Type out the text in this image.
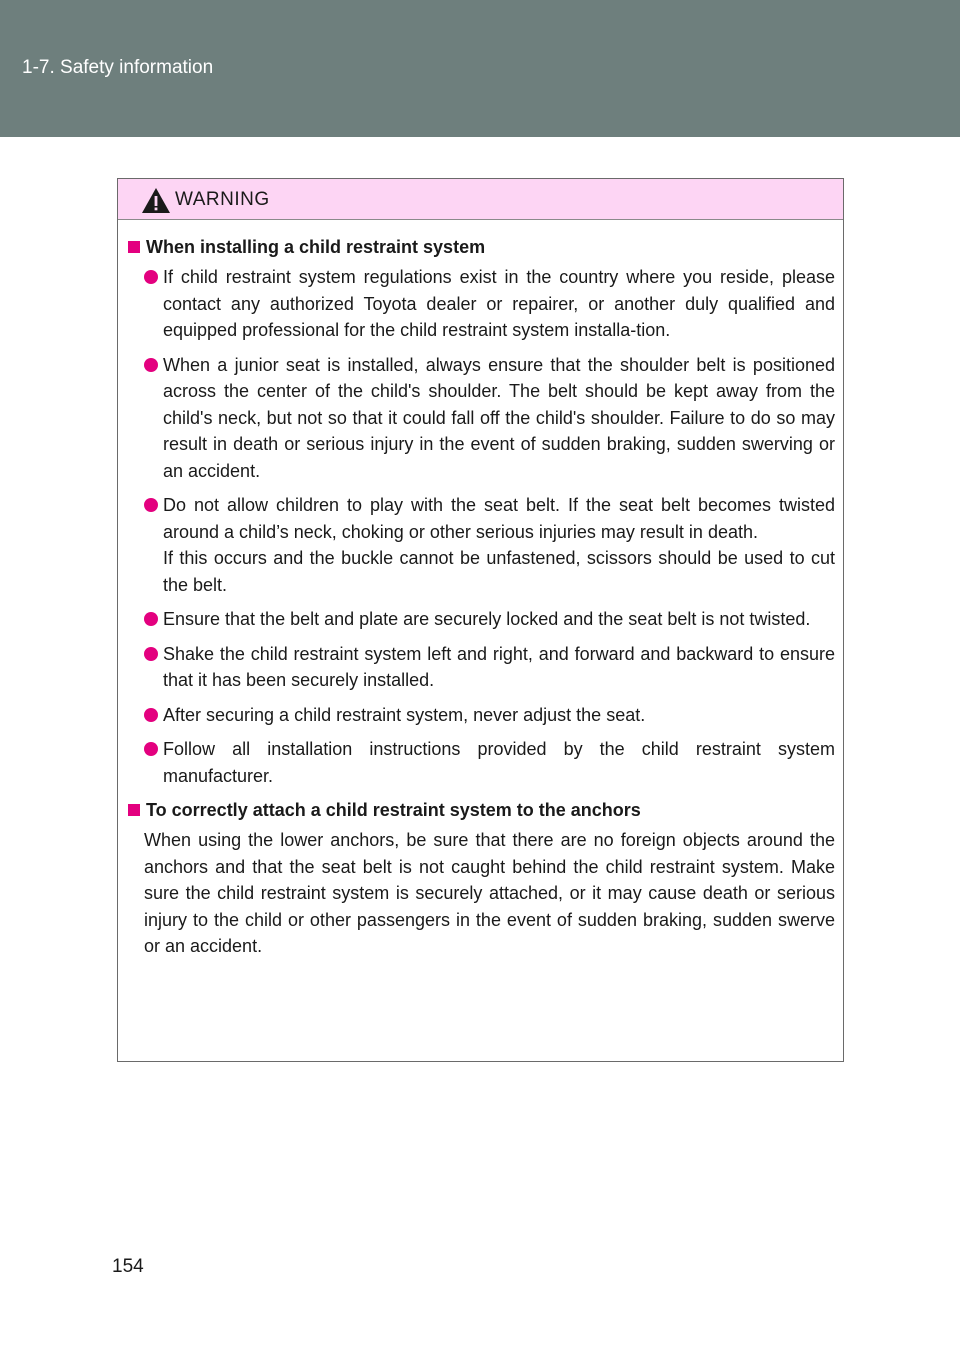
1-7. Safety information
WARNING
When installing a child restraint system
If child restraint system regulations exist in the country where you reside, please contact any authorized Toyota dealer or repairer, or another duly qualified and equipped professional for the child restraint system installa-tion.
When a junior seat is installed, always ensure that the shoulder belt is positioned across the center of the child's shoulder. The belt should be kept away from the child's neck, but not so that it could fall off the child's shoulder. Failure to do so may result in death or serious injury in the event of sudden braking, sudden swerving or an accident.
Do not allow children to play with the seat belt. If the seat belt becomes twisted around a child’s neck, choking or other serious injuries may result in death.
If this occurs and the buckle cannot be unfastened, scissors should be used to cut the belt.
Ensure that the belt and plate are securely locked and the seat belt is not twisted.
Shake the child restraint system left and right, and forward and backward to ensure that it has been securely installed.
After securing a child restraint system, never adjust the seat.
Follow all installation instructions provided by the child restraint system manufacturer.
To correctly attach a child restraint system to the anchors
When using the lower anchors, be sure that there are no foreign objects around the anchors and that the seat belt is not caught behind the child restraint system. Make sure the child restraint system is securely attached, or it may cause death or serious injury to the child or other passengers in the event of sudden braking, sudden swerve or an accident.
154
